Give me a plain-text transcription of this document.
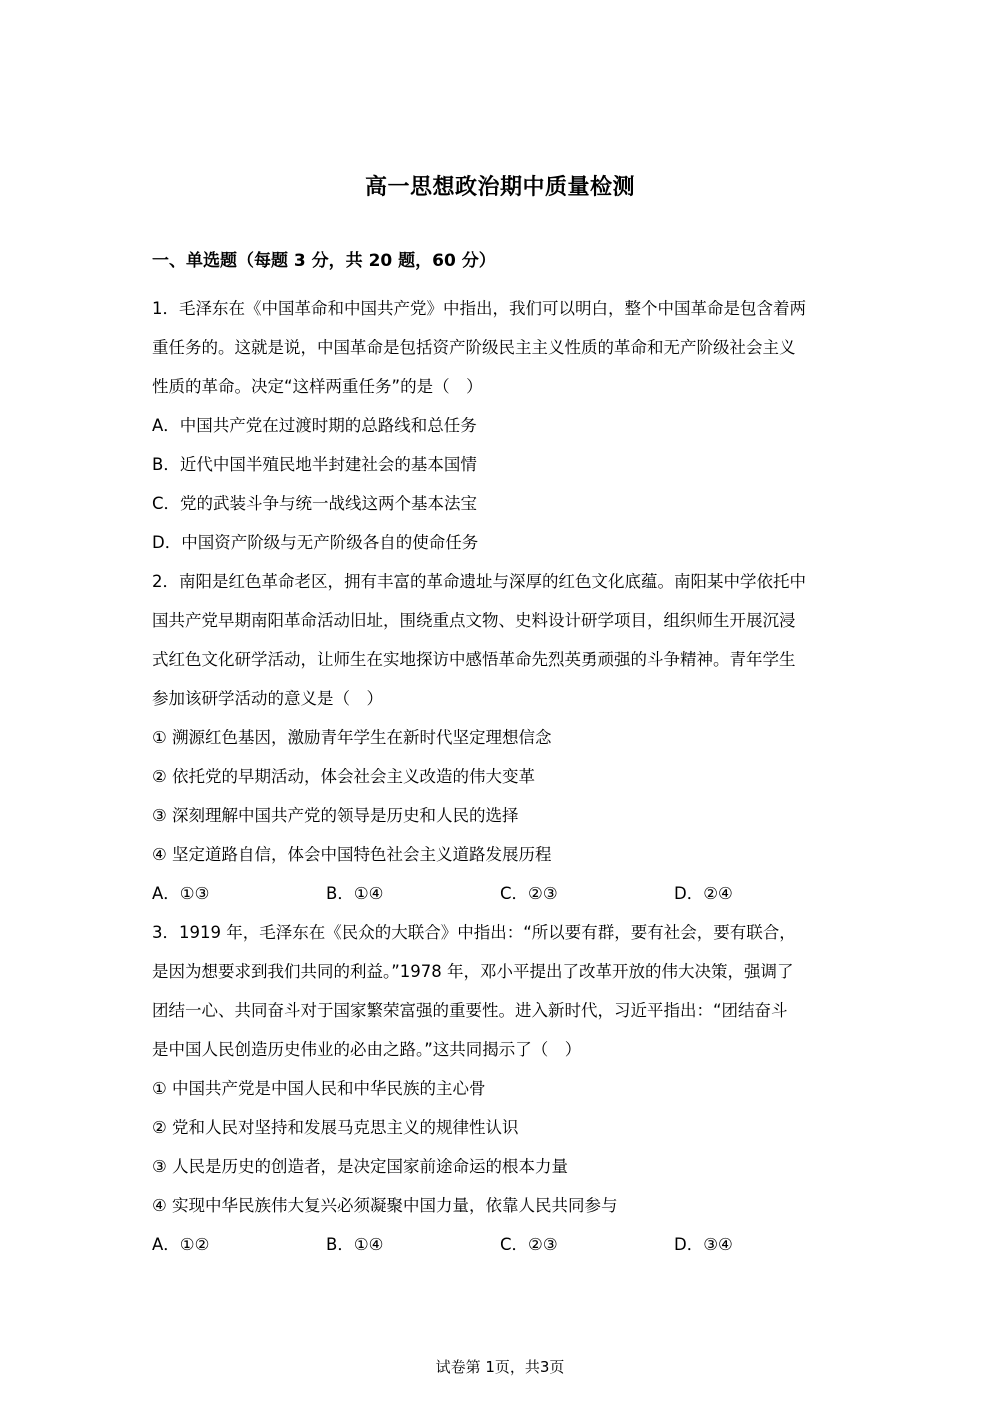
高一思想政治期中质量检测
一、单选题（每题 3 分，共 20 题，60 分）
1．毛泽东在《中国革命和中国共产党》中指出，我们可以明白，整个中国革命是包含着两
重任务的。这就是说，中国革命是包括资产阶级民主主义性质的革命和无产阶级社会主义
性质的革命。决定“这样两重任务”的是（　）
A．中国共产党在过渡时期的总路线和总任务
B．近代中国半殖民地半封建社会的基本国情
C．党的武装斗争与统一战线这两个基本法宝
D．中国资产阶级与无产阶级各自的使命任务
2．南阳是红色革命老区，拥有丰富的革命遗址与深厚的红色文化底蕴。南阳某中学依托中
国共产党早期南阳革命活动旧址，围绕重点文物、史料设计研学项目，组织师生开展沉浸
式红色文化研学活动，让师生在实地探访中感悟革命先烈英勇顽强的斗争精神。青年学生
参加该研学活动的意义是（　）
① 溯源红色基因，激励青年学生在新时代坚定理想信念
② 依托党的早期活动，体会社会主义改造的伟大变革
③ 深刻理解中国共产党的领导是历史和人民的选择
④ 坚定道路自信，体会中国特色社会主义道路发展历程
A．①③	B．①④	C．②③	D．②④
3．1919 年，毛泽东在《民众的大联合》中指出：“所以要有群，要有社会，要有联合，
是因为想要求到我们共同的利益。”1978 年，邓小平提出了改革开放的伟大决策，强调了
团结一心、共同奋斗对于国家繁荣富强的重要性。进入新时代，习近平指出：“团结奋斗
是中国人民创造历史伟业的必由之路。”这共同揭示了（　）
① 中国共产党是中国人民和中华民族的主心骨
② 党和人民对坚持和发展马克思主义的规律性认识
③ 人民是历史的创造者，是决定国家前途命运的根本力量
④ 实现中华民族伟大复兴必须凝聚中国力量，依靠人民共同参与
A．①②	B．①④	C．②③	D．③④
试卷第 1页，共3页
